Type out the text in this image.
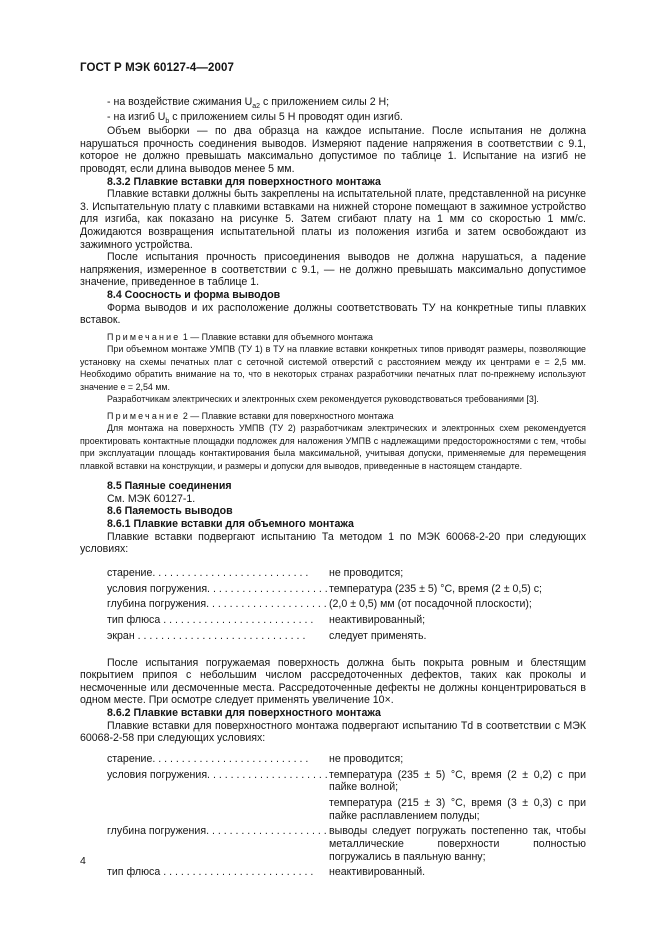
ГОСТ Р МЭК 60127-4—2007

- на воздействие сжимания $U_{a2}$ с приложением силы 2 Н;

- на изгиб $U_b$ с приложением силы 5 Н проводят один изгиб.

Объем выборки — по два образца на каждое испытание. После испытания не должна нарушаться прочность соединения выводов. Измеряют падение напряжения в соответствии с 9.1, которое не должно превышать максимально допустимое по таблице 1. Испытание на изгиб не проводят, если длина выводов менее 5 мм.

8.3.2 Плавкие вставки для поверхностного монтажа

Плавкие вставки должны быть закреплены на испытательной плате, представленной на рисунке 3. Испытательную плату с плавкими вставками на нижней стороне помещают в зажимное устройство для изгиба, как показано на рисунке 5. Затем сгибают плату на 1 мм со скоростью 1 мм/с. Дожидаются возвращения испытательной платы из положения изгиба и затем освобождают из зажимного устройства.

После испытания прочность присоединения выводов не должна нарушаться, а падение напряжения, измеренное в соответствии с 9.1, — не должно превышать максимально допустимое значение, приведенное в таблице 1.

8.4 Соосность и форма выводов

Форма выводов и их расположение должны соответствовать ТУ на конкретные типы плавких вставок.

Примечание 1 — Плавкие вставки для объемного монтажа

При объемном монтаже УМПВ (ТУ 1) в ТУ на плавкие вставки конкретных типов приводят размеры, позволяющие установку на схемы печатных плат с сеточной системой отверстий с расстоянием между их центрами e = 2,5 мм. Необходимо обратить внимание на то, что в некоторых странах разработчики печатных плат по-прежнему используют значение e = 2,54 мм.

Разработчикам электрических и электронных схем рекомендуется руководствоваться требованиями [3].

Примечание 2 — Плавкие вставки для поверхностного монтажа

Для монтажа на поверхность УМПВ (ТУ 2) разработчикам электрических и электронных схем рекомендуется проектировать контактные площадки подложек для наложения УМПВ с надлежащими предосторожностями с тем, чтобы при эксплуатации площадь контактирования была максимальной, учитывая допуски, применяемые для перемещения плавкой вставки на конструкции, и размеры и допуски для выводов, приведенные в настоящем стандарте.

8.5 Паяные соединения

См. МЭК 60127-1.

8.6 Паяемость выводов

8.6.1 Плавкие вставки для объемного монтажа

Плавкие вставки подвергают испытанию Та методом 1 по МЭК 60068-2-20 при следующих условиях:

старение. . . . . . . . . . . . . . . . . . . . . . . . . . .	не проводится;
условия погружения. . . . . . . . . . . . . . . . . . . . . температура (235 ± 5) °С, время (2 ± 0,5) с;
глубина погружения. . . . . . . . . . . . . . . . . . . . . (2,0 ± 0,5) мм (от посадочной плоскости);
тип флюса . . . . . . . . . . . . . . . . . . . . . . . . . .	неактивированный;
экран . . . . . . . . . . . . . . . . . . . . . . . . . . . . .	следует применять.

После испытания погружаемая поверхность должна быть покрыта ровным и блестящим покрытием припоя с небольшим числом рассредоточенных дефектов, таких как проколы и несмоченные или десмоченные места. Рассредоточенные дефекты не должны концентрироваться в одном месте. При осмотре следует применять увеличение 10×.

8.6.2 Плавкие вставки для поверхностного монтажа

Плавкие вставки для поверхностного монтажа подвергают испытанию Td в соответствии с МЭК 60068-2-58 при следующих условиях:

старение. . . . . . . . . . . . . . . . . . . . . . . . . . .	не проводится;
условия погружения. . . . . . . . . . . . . . . . . . . . . температура (235 ± 5) °С, время (2 ± 0,2) с при пайке волной;
температура (215 ± 3) °С, время (3 ± 0,3) с при пайке расплавлением полуды;
глубина погружения. . . . . . . . . . . . . . . . . . . . . выводы следует погружать постепенно так, чтобы металлические поверхности полностью погружались в паяльную ванну;
тип флюса . . . . . . . . . . . . . . . . . . . . . . . . . .	неактивированный.
4
